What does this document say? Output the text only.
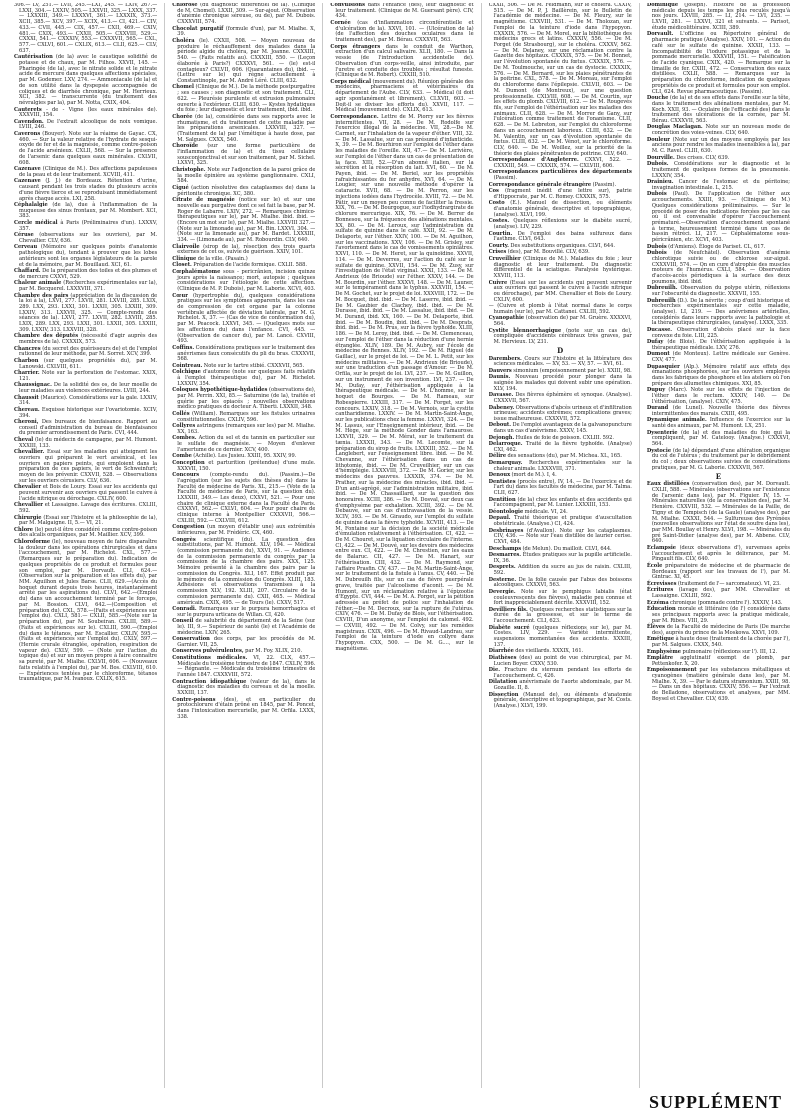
306.— LV, 251.— LVII, 245.—LXI, 245. — LXIV, 267.— LXXI, 304.— LXXIV, 505.— LXXVII, 325.— LXXX, 337.— LXXXIII, 349.— LXXXVI, 361.— LXXXIX, 373.— XCII, 385.— XCV, 397.— XCIX, 413.— CI, 421.— CIV, 433.— CVII, 445.— CIX, 457.— CXII, 469.— CXIV, 481.— CXIX, 493.— CXXII, 505.— CXXVIII, 529.— CXXXI, 541.— CXXXIV, 553.— CXXXVII, 565.— CXL, 577.— CXLVI, 601.— CXLIX, 613.— CLII, 625.— CLV, 637.

Cautérisation (de la) avec le caustique solidifié de potasse et de chaux, par M. Filhos. XXVII, 145. — Pharingée (de la), avec le nitrate solide et le nitrate acide de mercure dans quelques affections spéciales, par M. Godemer. LXV, 274. — Ammoniacale (de la) et de son utilité dans la dyspepsie accompagnée de coliques et de diarrhée chronique, par M. Herrieux. XCI, 382. — transcurrente (du traitement des névralgies par la), par M. Notta, CXIX, 404.

Cauterets - de - Vigne (les eaux minérales de). XXXVIII, 154.

Cavendon. De l'extrait alcoolique de noix vomique. LVIII, 246.

Caverons (Bouyer). Note sur la réaime de Gayac. CX, 460. — Sur la valeur relative de l'hydrate de sesqui-oxyde de fer et de la magnésie, comme contre-poison de l'acide arsénieux. CXLII, 568. — Sur la présence de l'arsenic dans quelques eaux minérales. CXLVII, 608.

Cazenave (Clinique de M.). Des affections papuleuses de la peau et de leur traitement. XCVIII, 411.

Cazenave (J. J.) de Bordeaux. Rétention d'urine, causant pendant les trois stades du plusieurs accès d'une fièvre tierce et se reproduisant immédiatement après chaque accès. LXI, 258.

Céphalalgie (de la), due à l'inflammation de la muqueuse des sinus frontaux, par M. Mombert. XCI, 383.

Cercle médical à Paris (Préliminaires d'un). LXXXV, 357.

Céruse (observations sur les ouvriers), par M. Chevallier. CLV, 636.

Cerveau (Mémoire sur quelques points d'anatomie pathologique du), tendant à prouver que les lobes antérieurs sont les organes législateurs de la parole et de la mémoire, par M. Bouillaud. XCI, 61.

Chaffard. De la préparation des toiles et des plumes et de mercure CXXVI, 529.

Chaleur animale (Recherches expérimentales sur la), par M. Becquerel. LXXXVIII, 371.

Chambre des pairs (appréciation de la discussion de la loi à la), LXVI, 277. LXVII, 281. LXVIII, 285. LXIX, 289. LXX, 293. LXXI, 301. LXXII, 305. LXXIII, 309. LXXIV, 313. LXXVII, 325. — Compte-rendu des séances de la). LXVI, 277. LXVII, 282. LXVIII, 285. LXIX, 289. LXX, 293. LXXI, 301. LXXII, 305. LXXIII, 309. LXXIV, 313. LXXVIII, 328.

Chambre des députés (nécessité d'agir auprès des membres de la). CXXXIX, 573.

Chancres (du secret des guérisseurs de) et de l'emploi rationnel de leur méthode, par M. Sorret. XCV, 399.

Charbon (sur quelques propriétés du), par M. Lanowski. CXLVIII, 611.

Charrier. Note sur la perforation de l'estomac. XXIX, 121.

Chaussignac. De la solidité des os, de leur moelle de leur maladies aux violences extérieures. LVIII, 244.

Chaussit (Maurice). Considérations sur la gale. LXXIV, 314.

Chereau. Esquisse historique sur l'ovariotomie. XCIV, 394.

Cheroni, Des bureaux de bienfaisance. Rapport au conseil d'administration du bureau de bienfaisance du premier arrondissement de Paris. CVI, 444.

Cheval (le) du médecin de campagne, par M. Humont. XXXIII, 133.

Chevallier. Essai sur les maladies qui atteignent les ouvriers qui préparent le vert arsénical, et les ouvriers en papiers peints, qui emploient dans la préparation de ces papiers, le vert de Schweinfurt; moyen de les prévenir. CXXVII, 528. — Observations sur les ouvriers cérusiers. CLV, 636.

Chevalier et Bois de Loury. Essai sur les accidents qui peuvent survenir aux ouvriers qui passent le cuivre à l'acide nitrique ou dérochage. CXLIV, 600.

Chevallier et Lassaigne. Lavage des écritures. CXLIII, 592.

Chirurgie (Essai sur l'histoire et la philosophie de la), par M. Malgaigne. II, 5.— VI, 21.

Chlore (le) peut-il être considéré comme contre-poison des alcalis organiques, par M. Maillier. XCV, 399.

Chloroforme (le), nouveau moyen de faire disparaître la douleur dans les opérations chirurgicales et dans l'accouchement, par M. Richelot. CXL, 577.— (Remarques sur le préparation du). Indication de quelques propriétés de ce produit et formules pour son emploi, par M. Dorvault. CLI, 624.— (Observation sur la préparation et les effets du), par MM. Aguilhon et Jules Barse. CLII, 629.—(Accès du hoquet durant depuis trois heures, instantanément arrêté par les aspirations du). CLVI, 642.—(Emploi du) dans un accouchement terminé par le forceps, par M. Bossion. CLVI, 642.—(Composition et préparation du). CXL, 578.—(Faits et expériences sur l'emploi du). CXLI, 581.— CXLII, 585.—(Note sur la préparation du), par M. Soubeiran. CXLIII, 589.—(Faits et expériences sur le). CXLIII, 590.—(Emploi du) dans le tétanos, par M. Escallier. CXLIV, 595.—(Faits et expériences sur l'emploi du). CXLV, 597.— (Hernie crurale étranglée, opération, respiration de vapeur de). CXLV, 599. — (Note sur l'action du topique du) et sur un moyen propre à faire connaître sa pureté, par M. Mialhe. CXLVII, 606. — (Nouveaux faits relatifs à l'emploi du), par M. Bos. CXLVIII, 610.— Expériences tentées par le chloroforme, tétanos traumatique, par M. Ivanoux. CXLIX, 615.

Chlorose (du diagnostic différentiel de la). (Clinique de M. Chomel). LXXII, 309. — Sur-ajout. (Observation d'anémie chronique séreuse, ou de), par M. Dubois. CXXXVIII, 574.

Chocolat purgatif (formule d'un), par M. Mialhe. X, 39.

Choléra (le). CXXII, 508. — Moyen nouveau de produire le réchauffement des malades dans la période algide du choléra, par M. Joanne. CXXXIII, 540. — (Faits relatifs au). CXXXIII, 550. — (Leçon élaborée à Paris?) CXXXVI, 561. — (le) est-il contagieux? CXLVII, 606. (Quarantaines du), ibid. — (Lettre sur le) qui règne actuellement à Constantinople, par M. André Léré. CLIII, 632.

Chomel (Clinique de M.). De la méthode postpurgative ; ses causes ; son diagnostic et son traitement. CLI, 622. — Pleurésie purulente et extrusion pulmonaire ouverte à l'extérieur. CLIII, 630. — Kystes hydatiques du foie ; leur diagnostic et leur traitement, ibid. ibid.

Chorée (de la), considérée dans ses rapports avec le rhumatisme, et du traitement de cette maladie par les préparations arsenicales. LXXVIII, 327. — (Traitement de la) par l'émétique à haute dose, par M. Salgues. CXXX, 540.

Choroïde (sur une forme particulière de l'inflammation de la) et du tissu cellulaire sousconjonctival et sur son traitement, par M. Sichel. LXXVI, 325.

Christophe. Note sur l'adjonction de la paroi grâce de la moelle épinière au système ganglionnaire. CXLI, 584.

Cigué (action résolutive des cataplasmes de) dans la péritonite chronique. XC, 380.

Citrate de magnésie (notice sur le) et sur une nouvelle eau purgative dont ce sel fait la base, par M. Roger de Labarre. LXIV, 272. — Remarques chimico-thérapeutiques sur le), par M. Mialhe. ibid. ibid. — (Encore un mot sur le), par M. Mialhe. LXXVIII 327.—(Note sur la limonade au), par M. Bin. LXXVI, 304. — (Note sur la limonade au), par M. Bardet. LXXXIII, 334. — (Limonade au), par M. Robourdin. CLV, 640.

Clairvoile (sirop de la), résection des trois quarts externes de cet os, suivie de guérison. XXIV, 101.

Clinique de la ville. (Pasain.)

Closet. Préparation de l'acide formique. CXLII. 588.

Cœphalématome sous - pericrânien, incision quinze jours après la naissance; mort, autopsie ; quelques considérations sur l'étiologie de cette affection. (Clinique de M. P. Dubois), par M. Laborie. XCVI, 403.

Cœur (hypertrophie du), quelques considérations pratiques sur les symptômes apparents, dans les cas de compression de cet organe par la colonne vertébrale affectée de déviation latérale, par M. G. Richelot. X, 37. — (Cas de vice de conformation du), par M. Peacock. LXXVI, 345. — (Quelques mots sur les affections du) dans l'enfance. CVI, 445. — (Observation de cancer du), par M. Lancé. CXVIII, 493.

Coffins. Considérations pratiques sur le traitement des anévrismes faux consécutifs du pli du bras. CXXXVII, 568.

Cointreau. Note sur le tartre stibié. CXXXVII, 565.

Colchique d'automne (note sur quelques faits relatifs à l'emploi thérapeutique du), par M. Richelot. LXXXIV, 354.

Coloques hypothétique-hydatides (observations de), par M. Perrin. XXI, 85.— Saturnine (de la), traitée et guérie par les opiacés ; nouvelles observations médico pratiques du docteur A. Tiberti. LXXXII, 348.

Collés (William). Remarques sur les fistules urinaires consititutionnelles. CXLIV, 596.

Collyres astringens (remarques sur les) par M. Mialhe. XX, 163.

Combes. Action du sel et du tannin en particulier sur le sulfate de magnésie. — Moyen d'enlever l'amertume de ce dernier. XCV, 400.

Combe (Achille). Les Jusieu. XXIII, 95. XXIV, 99.

Conception et parturition (prétendue) d'une mule. XXXVII, 150.

Concours (compte-rendu du). (Passim.)—De l'agrégation (sur les sujets des thèses du) dans la Faculté de médecine de Paris. XL, 215.— (Vote de la Faculté de médecine de Paris, sur la question du). LXXXIII, 349.— Les deux), CXXVI, 521. — Pour une chaire de clinique externe dans la Faculté de Paris. CXXXVI, 562.— CXLVI, 604. — Pour pour chaire de clinique interne à Montpellier CXXXVII, 566.— CXLIII, 592.— CXLVIII, 612.

Congestion (un moyen d'établir une) aux extrémités inférieures, par M. Frédéric. CX, 460.

Congrès scientifique (du). La question des substitutions, par M. Humont. XLV, 194. — Médical (commission permanente du), XXVI, 91. — Audience de la commission permanente du congrès par la commission de la chambre des pairs. XXX, 125. Mémoire présenté à la chambre des pairs par la commission du Congrès. XLI, 167. Effet produit par le mémoire de la commission du Congrès. XLIII, 183. Adhésions et observations transmises à la commission XLV, 192. XLIII, 207. Circulaire de la commission permanente du). CXII, 465. — Médical américain. CXIX, 495. — de Tours (le). CXXV, 517.

Conradi. Remarques sur le purpura hemorrhagica et sur le purpura urticans de Willan. CI, 420.

Conseil de salubrité du département de la Seine (sur le). III, 9.— Supérieur de santé (le) et l'Académie de médecine. LXIV, 265.

Conservation des corps, par les procédés de M. Garnier. VII, 25.

Conserves pulvérulentes, par M. Foy. XLIX, 210.

Constitutions médicales. VI, 22. CLX, 457.—Médicale du troisième trimestre de 1847. CXLIV, 596.— Régnante. — Médicale du troisième trimestre de l'année 1847. CXXXVIII, 572.

Contraction idiopathique (valeur de la), dans le diagnostic des maladies du cerveau et de la moelle. XXXIII, 137.

Contre-poisons (des), et en particulier du protochlorure d'étain prôné en 1845, par M. Poncet, dans l'intoxication mercurielle, par M. Orfila. LXXX, 338.

Convulsions dans l'enfance (des), leur diagnostic et leur traitement. (Clinique de M. Guersant père). CIV, 434.

Cornée (cas d'inflammation circonférentielle et d'ulcération de la). XXVI, 101. — (Ulcération de la) (de l'affection des douches oculaires dans le traitement des), par M. Bérau. CXXXVII, 563.

Corps étrangers dans le conduit de Warthon, extraction d'un calcul salivaire. XLII, 180. — Dans la vessie (de l'introduction accidentelle de). Observation d'un corps-veille, ainsi introduite, par l'uretre et conduite des troubles ; résultat funeste. (Clinique de M. Robert). CXXIII, 510.

Corps médical (mouvement du). Réunion générale des médecins, pharmaciens et vétérinaires du département de l'Aube. CLV, 633. — Médical (il doit agir spontanément et librement). CLXVII, 603. — Doit-il se diviser les efforts du). XXVII, 117. — Médical (mouvement du). CXLIX, 613.

Correspondance. Lettre de M. Piorry sur les fièvres intermittentes. VII, 28. — De M. Rodolfe sur l'exercice illégal de la médecine. VII, 28.—De M. Carmet, sur l'inhalation de la vapeur d'éther. VIII, 32. — De M. Lassalue, sur un cas présumé d'infanticide. X, 39. — De M. Bourhiron sur l'emploi de l'éther dans les maladies de l'oreille. XII, 47.— De M. Lerivière, sur l'emploi de l'éther dans un cas de présentation de la face. XIII, 52.—D'un abonné italien, sur la sécrétion et la résorption du lait. XVI, 60. — De M. Payen, ibid. — De M. Beriel, sur les propriétés rafraichissantes du fer anhydre. XVI, 64. — De M. Lougier, sur une nouvelle méthode d'opérer la cataracte. XVII, 68. — De M. Perron, sur les injections iodées dans l'hydrocèle. XVIII, 72. — De M. Pâtir, sur un moyen peu connu de faciliter la fressie. XIX, 76. — De M. Bourgogue, sur l'iodhydrargirate de chlorure mercurique. XIX, 76. — De M. Berrer de Bonnesou, sur la fréquence des aliénations mentales. XX, 80. — De M. Leroux, sur l'administration du sulfate de quinine dans le café. XXII, 92. — De M. Delaporte, sur l'éther. XXIV, 100. — De M. Aguilhon, sur les vaccinations. XXV, 106. — De M. Grisley, sur l'avortement dans le cas de vomissements opiniâtres. XXVI, 110. — De M. Heret, sur la quinoïdine. XXVII, 114. — De M. Deverres, sur l'action du café sur le sulfate de quinine. XXVII, 154. — De M. Zusy, sur l'investigation de l'état virginal. XXXI, 133. — De M. Andrieux (de Brioude) sur l'éther. XXXV, 144. — De M. Bourdin, sur l'éther. XXXVI, 148. — De M. Launer, sur le tempérament dans le typhus. XXXVIII, 154. — De M. Gochet, sur le projet de loi. XXXVIII, 172. — De M. Bocquet, ibid. ibid. — De M. Laserre, ibid. ibid. — De M. Gaubier de Clachey, ibid. ibid. — De M. Durasse, ibid. ibid. — De M. Lassalue, ibid. ibid. — De M. Durand, ibid. XX, 160. — De M. Delaporte, ibid. ibid. — De M. Boudin, ibid. ibid. — De M. Desprats, ibid. ibid. — De M. Prus, sur la fièvre typhoïde. XLIII, 186. — De M. Leroy, ibid. ibid. — De M. Clemenceau, sur l'emploi de l'éther dans la réduction d'une hernie étranglée. XLIV, 189. De M. Aubry, sur l'école de médecine de Rennes. XLIV, 192. — De M. Riguel (de Gaillac), sur le projet de loi. — De M. L. Petit, sur les médecins militaires. — De M. Andrieux (de Brioude), sur une traduction d'un passage d'Amour. — De M. Orfila, sur le projet de loi. LVI, 237. — De M. Guillon, sur un instrument de son invention. LVI, 237. — De M. Dufay, sur l'éthérisation appliquée à la thérapeutique médicale. — De M. L'homme, sur le hoquet de Bourges. — De M. Rameau, sur Robespierre. LXXIII, 317. — De M. Forget, sur les concours. LXXIV, 318. — De M. Vernois, sur la cystite cantharidienne. LXXIV. — De M. Martin-Saint-Ange, sur les publications chez la femme. LXXVI, 324. — De M. Lassus, sur l'Enseignement intérieur, ibid. — De M. Hège, sur la méthode Gonder dans l'amaurose. LXXVII, 329. — De M. Mérat, sur le traitement du tænia. LXXXII, 343. — De M. Lecomte, sur la préparation du sirop de fruits. LXXXIII, 352. — De M. Langlebert, sur l'enseignement libre. ibid. — De M. Chevanne, sur l'éthérisation dans un cas de lithotomie, ibid. — De M. Cruveilhier, sur un cas d'hémiplégie. LXXXVIII, 372. — De M. Gorier, sur les médecins des pauvres. LXXXIX, 374. — De M. Prather, sur la médecine des miracles, ibid. ibid. — D'un anti-agrégé, sur l'administration militaire, ibid. ibid. — De M. Chassaillard, sur la question des honoraires. XCIII, 386. — De M. Dosval, sur deux cas d'emphysème par exhalation. XCIII, 392. — De M. Debauve, sur un cas d'extravasation de la vessie. XCIV, 393. — De M. Giraudo, sur l'emploi du sulfate de quinine dans la fièvre typhoïde. XCVIII, 413. — De M. Fontaine sur la décision de la société médicale d'émulation relativement à l'éthérisation. CI, 422. — De M. Chouret, sur la liquation circulaire de l'interne. CI, 422. — De M. Douvé, sur les devoirs des médecins entre eux. CI, 422. — De M. Chrestien, sur les eaux de Balaruc. CII, 427. — De M. Hanart, sur l'éthérisation. CIII, 432. — De M. Raymond, sur l'affaire Prasfin. CV, 437. — De M. Martin-Saint-Ange, sur le traitement de la fistule à l'anus. CV, 440. — De M. Dubreuilh fils, sur un cas de fièvre puerpérale grave, traitée par l'alcoolisme d'aconit. — De M. Humont, sur un réclamation relative à l'épizootie d'Egypte. CVI, 444. — De M. A. Forget, sur la pétition adressée au préfet de police sur l'inhalation de l'éther.—De M. Decroux, sur la rupture de l'utérus. CXIV, 476. — De M. Dufay de Blois, sur l'éthérisation. CXVIII, D'un anonyme, sur l'emploi du calomel. 492.— CXVIII, 492. — De M. Colvy, sur les remèdes magistraux. CXIX, 496. — De M. Rivaud-Landrau, sur l'emploi de la teinture d'iode en collyre dans l'hypopyon. CXX, 500. — De M. G...., sur le magnétisme.

CXXII, 506. — De M. Feldmann, sur le choléra. CXXIV, 515. — De M. P. J. Baillèrein, sur le Bulletin de l'académie de médecine. — De M. Fleury, sur le magnétisme. CXXVIII, 531. — De M. Tholozan, sur l'emploi de la teinture d'iode dans l'hypopyon. CXXXIX, 576. — De M. Morel, sur la bibliothèque des médecins grecs et latins. CXXXIV, 556. — De M. Forget (de Strasbourg), sur le choléra. CXXXV, 562. — De M. Delaney, sur une réclamation contre la Gazette des hôpitaux. CXXXIX, 575. — De M. Bonnet, sur l'évolution spontanée du fœtus. CXXXIX, 576. — De M. Toulmouche, sur un cas de dystocie. CXXXIX, 576. — De M. Bernard, sur les plaies pénétrantes de la poitrine. CXL, 578. — De M. Moreau, sur l'emploi du chloroforme dans l'épilepsie. CXLVII, 603. — De M. Dumont (de Montreux), sur une question professionnelle. CXLVIII, 608. — De M. Courtin, sur les effets du plomb. CXLVIII, 612. — De M. Rougevès fils, sur l'emploi de l'éthérisation sur les maladies des animaux. CLII, 628. — De M. Morrer de Gany, sur l'ulcération comme traitement de l'onanisme. CLII, 628. — De M. Lebreton, sur l'emploi du chloroforme dans un accouchement laborieux. CLIII, 632. — De M. Valentin, sur un cas d'évolution spontanée du fœtus. CLIII, 632. — De M. Vénot, sur le chloroforme. CLV, 640. — De M. Woillez, sur la priorité de la théorie des plaies pénétrantes de poitrine. CLV, 640.

Correspondance d'Angleterre. CXXVI, 522. — CXXXIII, 549. — CXXXIX, 574. — CXLVIII, 606.

Correspondances particulières des départements (Passim).

Correspondance générale étrangère (Passim).

Cos (fragment inédit d'une lettre sur), patrie d'Hippocrate, par M. C. Romey. CXXXIX, 575.

Costo (E.). Manuel de dissection, ou éléments d'anatomie générale, descriptive et topographique, (analyse). XLVI, 199.

Costes. Quelques réflexions sur le diabète sucré, (analyse). LIV, 229.

Courtin. De l'emploi des bains sulfureux dans l'asthme. CLVI, 643.

Courty. Des substitutions organiques. CLVI, 644.

Crises (des), par M. Bouvillé. CLV, 639.

Cruveilhier (Clinique de M.). Maladies du foie ; leur diagnostic et leur traitement. Du diagnostic différentiel de la sciatique. Paralysie hystérique. XXVIII, 113.

Cuivre (Essai sur les accidents qui peuvent survenir aux ouvriers qui passent le cuivre à l'acide nitrique ou dérochage), par MM. Chevallier et Bois de Loury. CXLIV, 600.

— (Cuivre et plomb à l'état normal dans le corps humain (sur le), par M. Cattanei. CXLIII, 592.

Cyanopathie (observation de) par M. Gruère. XXXXVI, 564.

Cystite blennorrhagique (note sur un cas de), compliquée d'accidents cérébraux très graves, par M. Hervieux. LV, 231.

D

Darembers. Cours sur l'histoire et la littérature des sciences médicales. — XV, 53. — XV, 57. — XVI, 61.

Dauvers simonium (empoisonnement par le). XXIII, 98.

Daunis. Nouveau procédé pour plonger dans la saignée les malades qui doivent subir une opération. XLV, 194.

Davasse. Des fièvres éphémère et synoque. (Analyse). CXXXVII, 567.

Dabeney. Observations d'abcès urineux et d'infiltration urineuse; accidents extrêmes; complications graves; issue malheureuse. CXXXVII, 572.

Debout. De l'emploi avantageux de la galvanopuncture dans un cas d'anévrisme. XXXV, 145.

Dejongh. Huiles de foie de poisson. CXLIII. 592.

Delarroque. Traité de la fièvre typhoïde. (Analyse) CXI, 462.

Délire des sensations (du), par M. Michea. XL, 165.

Demarquay. Recherches expérimentales sur la chaleur animale. LXXXVIII, 371.

Denoux (mort de M.). I, 4.

Dentistes (procès entre). IV, 14. — De l'exercice et de l'art du) dans les facultés de médecine, par M. Talma. CLII, 627.

Dentition (de la) chez les enfants et des accidents qui l'accompagnent, par M. Lunier. LXXXIII, 153.

Déontologie médicale. VI, 24.

Depaul. Traité théorique et pratique d'auscultation obstétricale. (Analyse.) CI, 424.

Desbrinayes (d'Avallon). Note sur les cataplasmes. CIV, 436. — Note sur l'eau distillée de laurier cerise. CXVI, 484.

Deschamps (de Melun). Du mailloit. CLVI, 644.

Desmarres. Études pratiques sur la pupille artificielle. IX, 36.

Desprets. Addition du sucre au jus de raisin. CXLIII, 592.

Desterne. De la folie causée par l'abus des boissons alcooliques. CXXXVI, 563.

Devergie. Note sur le pemphigus labialis (état couleuvrescents des fièvres), maladie peu connue et fort inappréciablement décrite. XXXVIII, 152.

Devilliers fils. Quelques recherches statistiques sur la durée de la grossesse, et sur le terme de l'accouchement. CLI, 623.

Diabète sucré (quelques réflexions sur le), par M. Costes. LIV, 229. — Variété intermittente, suspensions momentanées des accidents. XXXIII, 137.

Diarrhée des vieillards. XXXIX, 161.

Diathèses (des) au point de vue chirurgical, par M. Lucien Boyer. CXXV, 530.

Die. Fracture du sternum pendant les efforts de l'accouchement. C, 426.

Dilatation anévrismale de l'aorte abdominale, par M. Gozaille. II, 8.

Dissection (Manuel de), ou éléments d'anatomie générale, descriptive et topographique, par M. Costs. (Analyse.) XLVI, 199.

Dominique (Joseph). Histoire de la profession médicale depuis les temps les plus reculés jusqu'à nos jours. LXVIII, 285. — LI, 214. — LVI, 235. — LXVII, 281. — LXXVI, 321 et suivants. — Parisot, étude médicolittéraire. XCIII, 389.

Dorvault. L'officine ou Répertoire général de pharmacie pratique (Analyse). XXIV, 101. — Action du café sur le sulfate de quinine. XXXII, 133. — Incompatibilité de l'iodure potassique et de la pommade mercurielle. XXXVIII, 151. — Falsification de l'acide cyanique. CXIX, 420. — Remarque sur la limaille de fer. CXIII, 472. — Conservation des eaux distillées. CXLII, 588. — Remarques sur la préparation du chloroforme, indication de quelques propriétés de ce produit et formules pour son emploi. CLI, 624. Revue pharmaceutique. (Passim).

Douche (de la) et de ses effets dans l'oreille sur la tête, dans le traitement des aliénations mentales, par M. Koch. XXII, 93. — Oculaire (de l'efficacité des) dans le traitement des ulcérations de la cornée, par M. Bérau. CXXXVII, 563.

Douglas Maclagan. Note sur un nouveau mode de concrétion des voies-veines. CLV, 640.

Douleur (Note sur un des moyens employés par les anciens pour rendre les malades insensibles à la), par M. C. Ravel. CLIII, 630.

Dourville. Des crises. CLV, 639.

Dubois. Considérations sur le diagnostic et le traitement de quelques formes de la pneumonie. LXXXIV, 354.

Drainieu. Cancer de l'estomac et du péritoine; invagination intestinale. L, 215.

Dubois (Paul). De l'application de l'éther aux accouchements. XXIII, 93. — (Clinique de M.) Quelques considérations préliminaires. — Sur le procédé de poser des indications forcées par les cas où il est convenable d'opérer l'accouchement prématuré.—Observation d'accouchement spontané à terme, heureusement terminé dans un cas de bassin rétréci. LI, 217. — Céphalématome sous-péricrânien, etc. XCVI, 403.

Dubois (d'Amiens). Éloge de Pariset. CL, 617.

Dubois (de Neufchâtel). Observation d'anémie chlorotique suivie ou de chlorose sur-aiguë. CXXXVIII, 574. — On en cure d'atrophie des muscles moteurs de l'humérus. CXLI, 584. — Observation d'accès-accès périodiques à la surface des deux poumons, ibid. ibid.

Dubreuilh. Observation du polype utérin, réflexions sur l'obscurité du diagnostic. XXXVII, 155.

Dubreuilh (D.). De la névrite ; coup d'œil historique et recherches expérimentales sur cette maladie, (analyse). LI, 219. — Des anévrismes artérielles, considérés dans leurs rapports avec la pathologie et la thérapeutique chirurgicales, (analyse). LXXX, 335.

Ducasse. Observation d'abcès placé sur la face convexe du foie. LIII, 225.

Dufay (de Blois). De l'éthérisation appliquée à la thérapeutique médicale. LXV, 276.

Dumont (de Monteux). Lettre médicale sur Genève. CXV, 477.

Dupasquier (Alp.). Mémoire relatif aux effets des émanations phosphorées, sur les ouvriers employés dans les fabriques de phosphore et les ateliers où l'on prépare des allumettes chimiques. XXI, 85.

Dupuy (Marc). Note sur les effets de l'injection de l'éther dans le rectum. XXXIV, 140. — De l'éthérisation, (analyse). CXIV, 475.

Durand (de Lunel). Nouvelle théorie des fièvres intermittentes des marais. CXIII, 495.

Dynamique animale. Influence de l'exercice sur la santé des animaux, par M. Humont. LX, 251.

Dysenterie (de la) et des maladies du foie qui la compliquent, par M. Catelooy. (Analyse.) CXXXVI, 564.

Dystocie (de la) dépendant d'une altération organique du col de l'utérus ; du traitement par le débridement du col ; deux observations suivies de considérations pratiques, par M. G. Laborie. CXXXVII, 567.

E

Eaux distillées (conservation des), par M. Dorvault. CXLII, 588. — Minérales (observations sur l'existence de l'arsenic dans les), par M. Figuier. IV, 15. — Minérales naturelles (de la conservation des), par M. Henière. CXXVIII, 532. — Minérales de la Paille, de Tigny et de Tempisch (de la Gaule) (analyse des), par M. Mialhe. CXXXI, 544. — Sulfureuse des Pyrénées (nouvelles observations sur l'état de soufre dans les), par MM. Boullay et Henry. XLVI, 198. — Minérales du pré Saint-Didier (analyse des), par M. Abbene. CLV, 640.

Eclampsie (deux observations d'), survenues après l'accouchement et après le délivrance, par M. Pingault fils. CLV, 640.

École préparatoire de médecine et de pharmacie de Bordeaux (rapport sur les travaux de l'), par M. Gintrac. XI, 45.

Écrevisses (traitement de l'— sarcomateux). VI, 23.

Écritures (lavage des), par MM. Chevallier et Lassaigne. CXLIII, 592.

Eczéma chronique (pommade contre l'). XXXIV, 143.

Éducation morale et littéraire (de l') considérée dans ses principaux rapports avec la pratique médicale, par M. Ribes. VIII, 29.

Élèves de la Faculté de médecine de Paris (De marche des), auprès du prince de la Moskowa. XXVI, 109.

Emétique à haute dose (traitement de la chorée par l'), par M. Salgues. CXXX, 540.

Emphysème pulmonaire (réflexions sur l'). III, 12.

Emplâtre agglutinatif exempt de plomb, par Pettenkofer. X, 20.

Empoisonnement par les substances métalliques et cyanogènes (matière générale dans les), par M. Mialhe. X, 39. — Par le datura stramonium. XXIII, 98. — Dans un des hôpitaux. CXXIV, 556. — Par l'extrait de Belladone, observations et analyses, par MM. Boysel et Chevallier. CLV, 639.

SUPPLÉMENT
